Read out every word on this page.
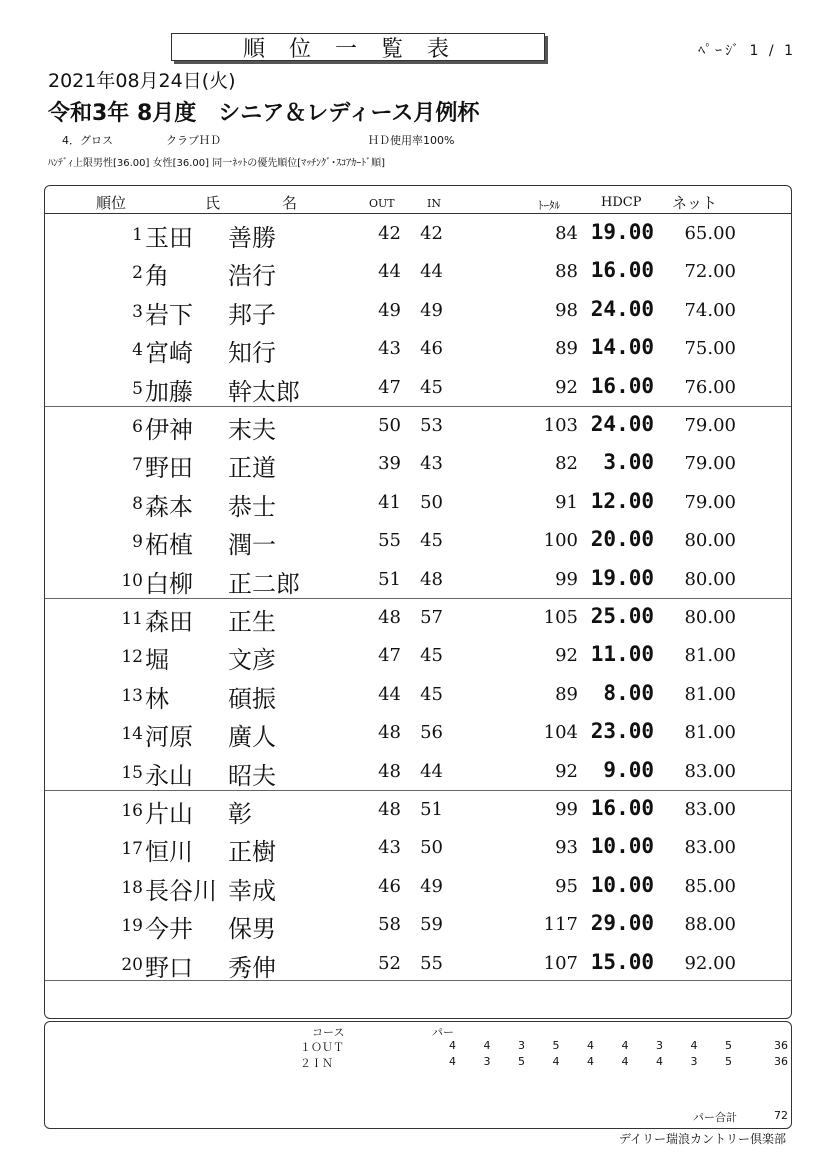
順位一覧表	ﾍﾟｰｼﾞ 1 / 1
2021年08月24日(火)
令和3年 8月度　シニア＆レディース月例杯
4．グロス	クラブＨＤ	ＨＤ使用率100%
ﾊﾝﾃﾞｨ上限男性[36.00] 女性[36.00] 同一ﾈｯﾄの優先順位[ﾏｯﾁﾝｸﾞ･ｽｺｱｶｰﾄﾞ順]
順位	氏	名	OUT	IN	ﾄｰﾀﾙ	HDCP ネット
1 玉田 善勝	42 42	84 19.00 65.00
2 角 浩行	44 44	88 16.00 72.00
3 岩下 邦子	49 49	98 24.00 74.00
4 宮崎 知行	43 46	89 14.00 75.00
5 加藤 幹太郎	47 45	92 16.00 76.00
6 伊神 末夫	50 53	103 24.00 79.00
7 野田 正道	39 43	82 3.00 79.00
8 森本 恭士	41 50	91 12.00 79.00
9 柘植 潤一	55 45	100 20.00 80.00
10 白柳 正二郎	51 48	99 19.00 80.00
11 森田 正生	48 57	105 25.00 80.00
12 堀 文彦	47 45	92 11.00 81.00
13 林 碩振	44 45	89 8.00 81.00
14 河原 廣人	48 56	104 23.00 81.00
15 永山 昭夫	48 44	92 9.00 83.00
16 片山 彰	48 51	99 16.00 83.00
17 恒川 正樹	43 50	93 10.00 83.00
18 長谷川 幸成	46 49	95 10.00 85.00
19 今井 保男	58 59	117 29.00 88.00
20 野口 秀伸	52 55	107 15.00 92.00
コース	パー
１ＯＵＴ	4	4	3	5	4	4	3	4	5	36
２ＩＮ	4	3	5	4	4	4	4	3	5	36
パー合計	72
デイリー瑞浪カントリー倶楽部
